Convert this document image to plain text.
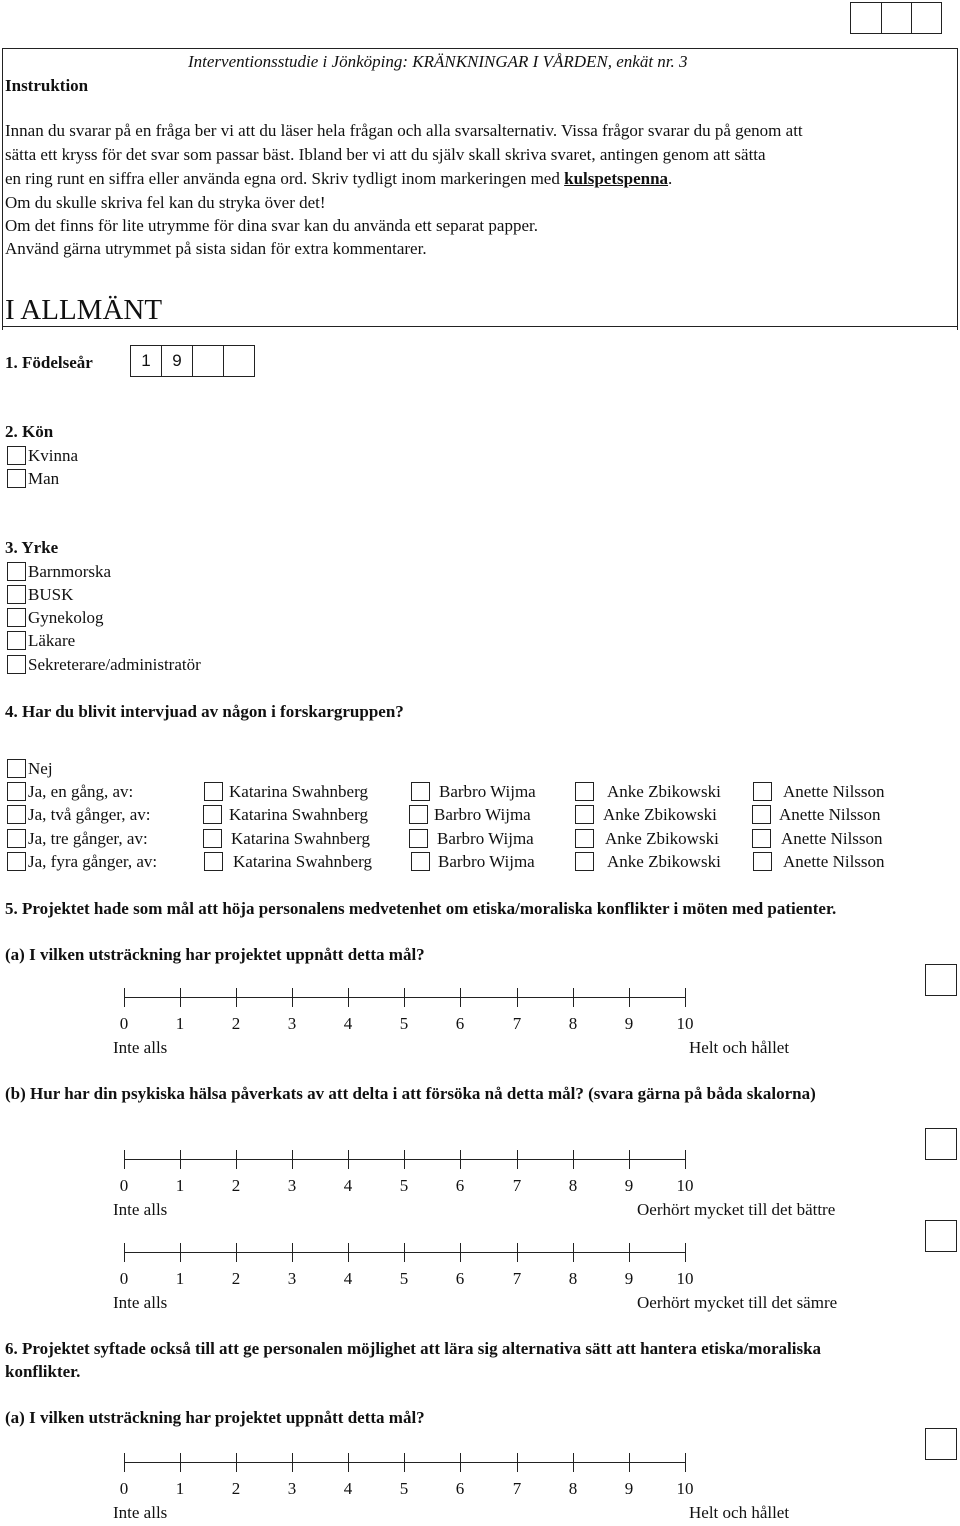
Interventionsstudie i Jönköping: KRÄNKNINGAR I VÅRDEN, enkät nr. 3
Instruktion
Innan du svarar på en fråga ber vi att du läser hela frågan och alla svarsalternativ. Vissa frågor svarar du på genom att
sätta ett kryss för det svar som passar bäst. Ibland ber vi att du själv skall skriva svaret, antingen genom att sätta
en ring runt en siffra eller använda egna ord. Skriv tydligt inom markeringen med kulspetspenna.
Om du skulle skriva fel kan du stryka över det!
Om det finns för lite utrymme för dina svar kan du använda ett separat papper.
Använd gärna utrymmet på sista sidan för extra kommentarer.
I ALLMÄNT
1. Födelseår	1	9
2. Kön
Kvinna
Man
3. Yrke
Barnmorska
BUSK
Gynekolog
Läkare
Sekreterare/administratör
4. Har du blivit intervjuad av någon i forskargruppen?
Nej
Ja, en gång, av:	Katarina Swahnberg	Barbro Wijma	Anke Zbikowski	Anette Nilsson
Ja, två gånger, av:	Katarina Swahnberg	Barbro Wijma	Anke Zbikowski	Anette Nilsson
Ja, tre gånger, av:	Katarina Swahnberg	Barbro Wijma	Anke Zbikowski	Anette Nilsson
Ja, fyra gånger, av:	Katarina Swahnberg	Barbro Wijma	Anke Zbikowski	Anette Nilsson
5. Projektet hade som mål att höja personalens medvetenhet om etiska/moraliska konflikter i möten med patienter.
(a) I vilken utsträckning har projektet uppnått detta mål?
(b) Hur har din psykiska hälsa påverkats av att delta i att försöka nå detta mål? (svara gärna på båda skalorna)
6. Projektet syftade också till att ge personalen möjlighet att lära sig alternativa sätt att hantera etiska/moraliska
konflikter.
(a) I vilken utsträckning har projektet uppnått detta mål?
0	1	2	3	4	5	6	7	8	9	10
Inte alls	Helt och hållet
0	1	2	3	4	5	6	7	8	9	10
Inte alls	Oerhört mycket till det bättre
0	1	2	3	4	5	6	7	8	9	10
Inte alls	Oerhört mycket till det sämre
0	1	2	3	4	5	6	7	8	9	10
Inte alls	Helt och hållet
